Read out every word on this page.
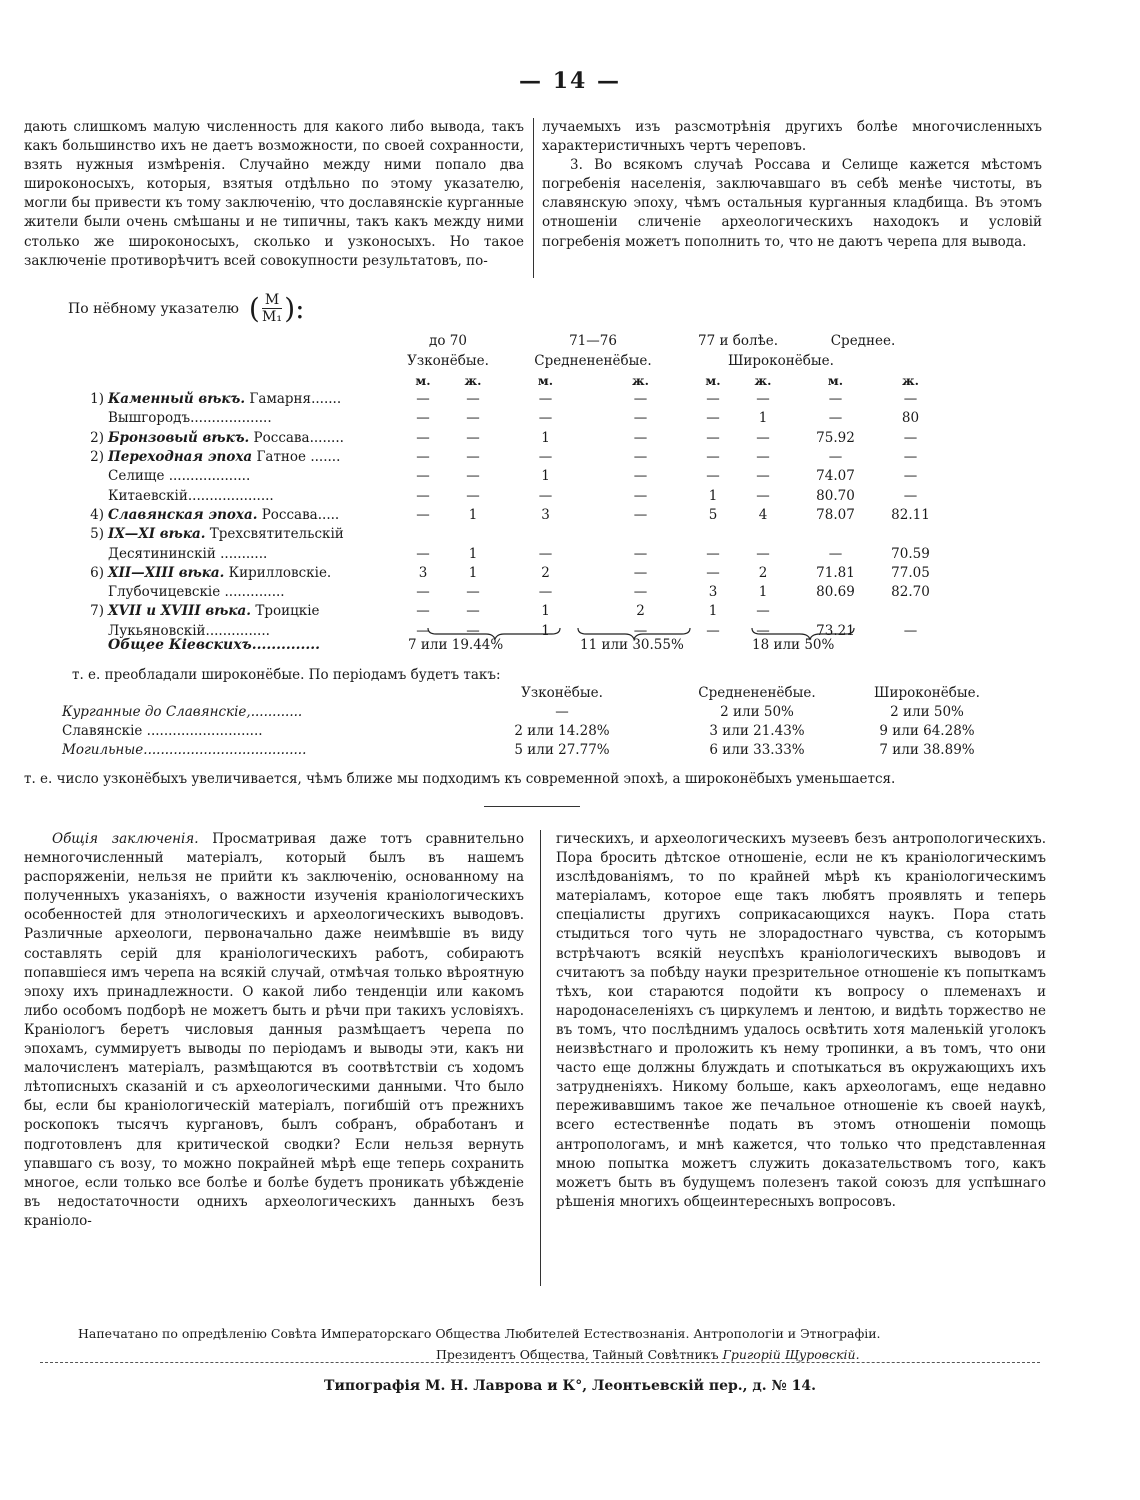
— 14 —

дають слишкомъ малую численность для какого либо вывода, такъ какъ большинство ихъ не даетъ возможности, по своей сохранности, взять нужныя измѣренія. Случайно между ними попало два широконосыхъ, которыя, взятыя отдѣльно по этому указателю, могли бы привести къ тому заключенію, что дославянскіе курганные жители были очень смѣшаны и не типичны, такъ какъ между ними столько же широконосыхъ, сколько и узконосыхъ. Но такое заключеніе противорѣчитъ всей совокупности результатовъ, по-

лучаемыхъ изъ разсмотрѣнія другихъ болѣе многочисленныхъ характеристичныхъ чертъ череповъ.

3. Во всякомъ случаѣ Россава и Селище кажется мѣстомъ погребенія населенія, заключавшаго въ себѣ менѣе чистоты, въ славянскую эпоху, чѣмъ остальныя курганныя кладбища. Въ этомъ отношеніи сличеніе археологическихъ находокъ и условій погребенія можетъ пополнить то, что не даютъ черепа для вывода.

По нёбному указателю ( $\frac{M}{\text{M₁}}$ ):
		до 70		71—76		77 и болѣе.		Среднее.	
		Узконёбые.		Среднененёбые.		Широконёбые.			
		м.	ж.	м.	ж.	м.	ж.	м.	ж.
1)	Каменный вѣкъ. Гамарня.......	—	—	—	—	—	—	—	—
	Вышгородъ...................	—	—	—	—	—	1	—	80
2)	Бронзовый вѣкъ. Россава........	—	—	1	—	—	—	75.92	—
2)	Переходная эпоха Гатное .......	—	—	—	—	—	—	—	—
	Селище ...................	—	—	1	—	—	—	74.07	—
	Китаевскій....................	—	—	—	—	1	—	80.70	—
4)	Славянская эпоха. Россава.....	—	1	3	—	5	4	78.07	82.11
5)	IX—XI вѣка. Трехсвятительскій								
	Десятининскій ...........	—	1	—	—	—	—	—	70.59
6)	XII—XIII вѣка. Кирилловскіе.	3	1	2	—	—	2	71.81	77.05
	Глубочицевскіе ..............	—	—	—	—	3	1	80.69	82.70
7)	XVII и XVIII вѣка. Троицкіе	—	—	1	2	1	—		
	Лукьяновскій...............	—	—	1	—	—	—	73.21	—
Общее Кіевскихъ..............	7 или 19.44%	11 или 30.55%	18 или 50%
т. е. преобладали широконёбые. По періодамъ будетъ такъ:
	Узконёбые.	Среднененёбые.	Широконёбые.
Курганные до Славянскіе,............	—	2 или 50%	2 или 50%
Славянскіе ...........................	2 или 14.28%	3 или 21.43%	9 или 64.28%
Могильные......................................	5 или 27.77%	6 или 33.33%	7 или 38.89%
т. е. число узконёбыхъ увеличивается, чѣмъ ближе мы подходимъ къ современной эпохѣ, а широконёбыхъ уменьшается.

Общія заключенія. Просматривая даже тотъ сравнительно немногочисленный матеріалъ, который былъ въ нашемъ распоряженіи, нельзя не прийти къ заключенію, основанному на полученныхъ указаніяхъ, о важности изученія краніологическихъ особенностей для этнологическихъ и археологическихъ выводовъ. Различные археологи, первоначально даже неимѣвшіе въ виду составлять серій для краніологическихъ работъ, собираютъ попавшіеся имъ черепа на всякій случай, отмѣчая только вѣроятную эпоху ихъ принадлежности. О какой либо тенденціи или какомъ либо особомъ подборѣ не можетъ быть и рѣчи при такихъ условіяхъ. Краніологъ беретъ числовыя данныя размѣщаетъ черепа по эпохамъ, суммируетъ выводы по періодамъ и выводы эти, какъ ни малочисленъ матеріалъ, размѣщаются въ соотвѣтствіи съ ходомъ лѣтописныхъ сказаній и съ археологическими данными. Что было бы, если бы краніологическій матеріалъ, погибшій отъ прежнихъ роскопокъ тысячъ кургановъ, былъ собранъ, обработанъ и подготовленъ для критической сводки? Если нельзя вернуть упавшаго съ возу, то можно покрайней мѣрѣ еще теперь сохранить многое, если только все болѣе и болѣе будетъ проникать убѣжденіе въ недостаточности однихъ археологическихъ данныхъ безъ краніоло-

гическихъ, и археологическихъ музеевъ безъ антропологическихъ. Пора бросить дѣтское отношеніе, если не къ краніологическимъ изслѣдованіямъ, то по крайней мѣрѣ къ краніологическимъ матеріаламъ, которое еще такъ любятъ проявлять и теперь спеціалисты другихъ соприкасающихся наукъ. Пора стать стыдиться того чуть не злорадостнаго чувства, съ которымъ встрѣчаютъ всякій неуспѣхъ краніологическихъ выводовъ и считаютъ за побѣду науки презрительное отношеніе къ попыткамъ тѣхъ, кои стараются подойти къ вопросу о племенахъ и народонаселеніяхъ съ циркулемъ и лентою, и видѣть торжество не въ томъ, что послѣднимъ удалось освѣтить хотя маленькій уголокъ неизвѣстнаго и проложить къ нему тропинки, а въ томъ, что они часто еще должны блуждать и спотыкаться въ окружающихъ ихъ затрудненіяхъ. Никому больше, какъ археологамъ, еще недавно переживавшимъ такое же печальное отношеніе къ своей наукѣ, всего естественнѣе подать въ этомъ отношеніи помощь антропологамъ, и мнѣ кажется, что только что представленная мною попытка можетъ служить доказательствомъ того, какъ можетъ быть въ будущемъ полезенъ такой союзъ для успѣшнаго рѣшенія многихъ общеинтересныхъ вопросовъ.

Напечатано по опредѣленію Совѣта Императорскаго Общества Любителей Естествознанія. Антропологіи и Этнографіи.
Президентъ Общества, Тайный Совѣтникъ Григорій Щуровскій.
Типографія М. Н. Лаврова и К°, Леонтьевскій пер., д. № 14.
